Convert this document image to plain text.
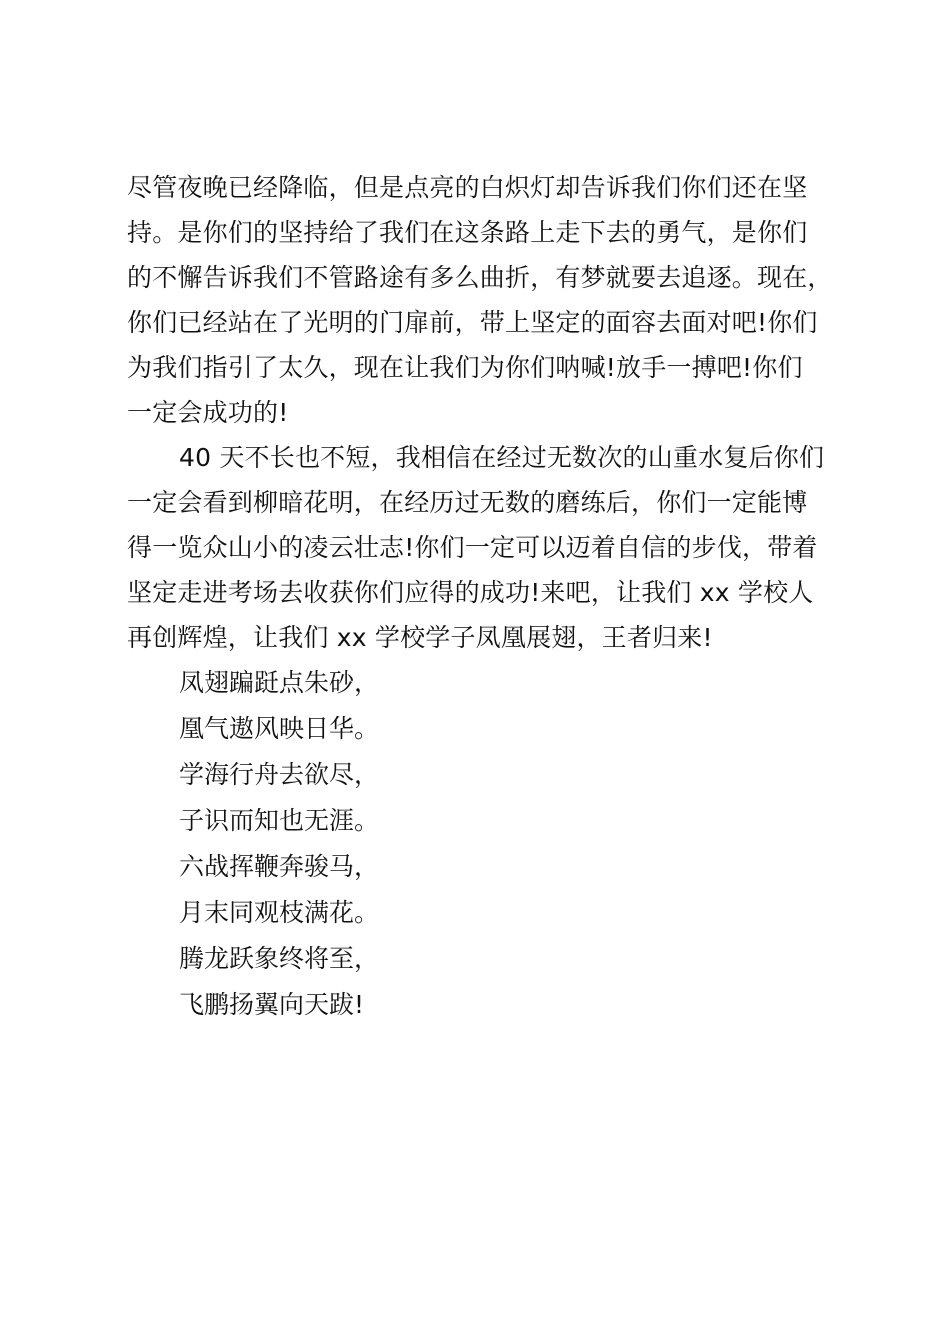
尽管夜晚已经降临，但是点亮的白炽灯却告诉我们你们还在坚
持。是你们的坚持给了我们在这条路上走下去的勇气，是你们
的不懈告诉我们不管路途有多么曲折，有梦就要去追逐。现在，
你们已经站在了光明的门扉前，带上坚定的面容去面对吧!你们
为我们指引了太久，现在让我们为你们呐喊!放手一搏吧!你们
一定会成功的!
40 天不长也不短，我相信在经过无数次的山重水复后你们
一定会看到柳暗花明，在经历过无数的磨练后，你们一定能博
得一览众山小的凌云壮志!你们一定可以迈着自信的步伐，带着
坚定走进考场去收获你们应得的成功!来吧，让我们 xx 学校人
再创辉煌，让我们 xx 学校学子凤凰展翅，王者归来!
凤翅蹁跹点朱砂，
凰气遨风映日华。
学海行舟去欲尽，
子识而知也无涯。
六战挥鞭奔骏马，
月末同观枝满花。
腾龙跃象终将至，
飞鹏扬翼向天跋!
